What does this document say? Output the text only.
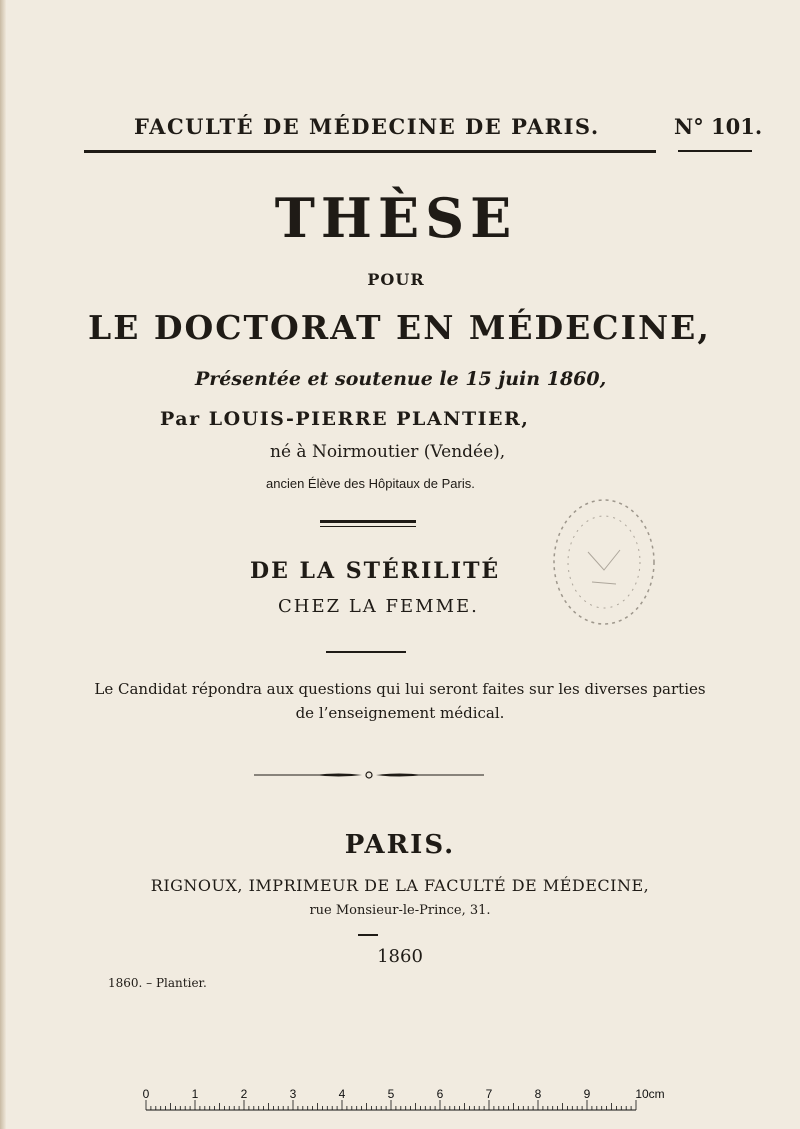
FACULTÉ DE MÉDECINE DE PARIS.	N° 101.
THÈSE
POUR
LE DOCTORAT EN MÉDECINE,
Présentée et soutenue le 15 juin 1860,
Par LOUIS-PIERRE PLANTIER,
né à Noirmoutier (Vendée),
ancien Élève des Hôpitaux de Paris.
DE LA STÉRILITÉ
CHEZ LA FEMME.
Le Candidat répondra aux questions qui lui seront faites sur les diverses parties
de l’enseignement médical.
PARIS.
RIGNOUX, IMPRIMEUR DE LA FACULTÉ DE MÉDECINE,
rue Monsieur-le-Prince, 31.
1860
1860. – Plantier.
0	1	2	3	4	5	6	7	8	9	10cm
